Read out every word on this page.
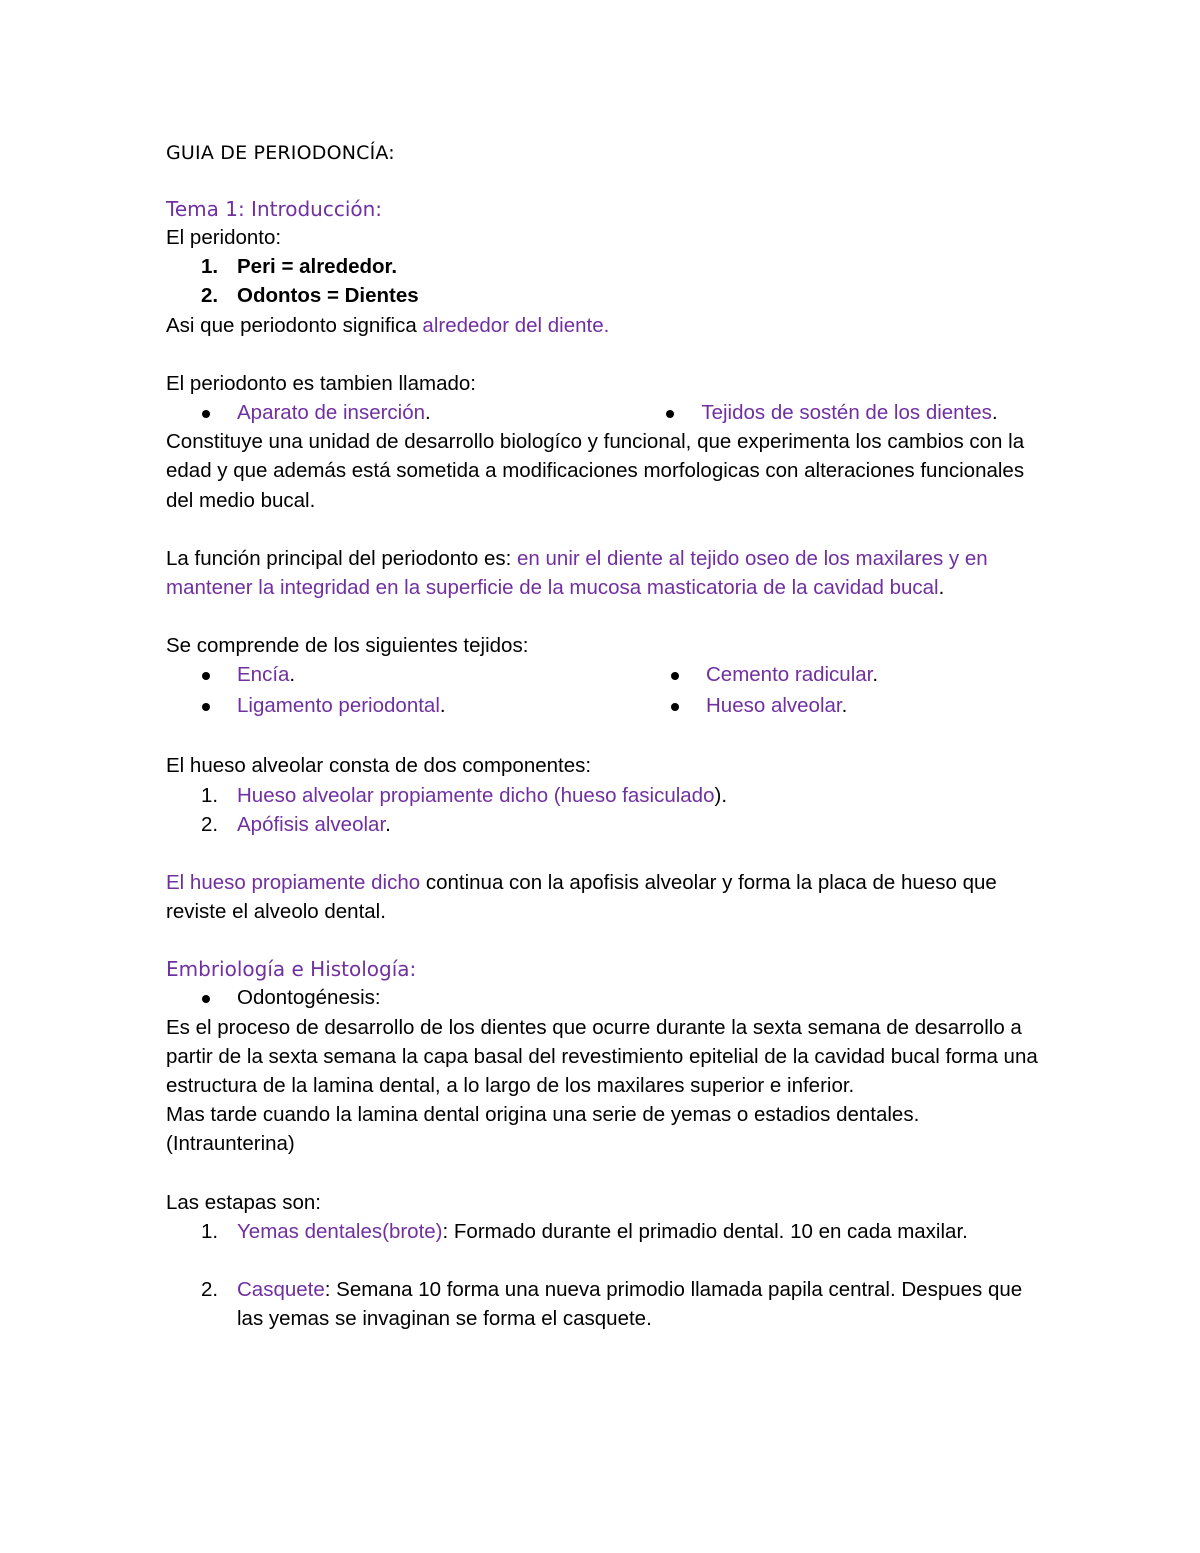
GUIA DE PERIODONCÍA:
Tema 1: Introducción:
El peridonto:
1. Peri = alrededor.
2. Odontos = Dientes
Asi que periodonto significa alrededor del diente.
El periodonto es tambien llamado:
Aparato de inserción.	Tejidos de sostén de los dientes.
Constituye una unidad de desarrollo biologíco y funcional, que experimenta los cambios con la edad y que además está sometida a modificaciones morfologicas con alteraciones funcionales del medio bucal.
La función principal del periodonto es: en unir el diente al tejido oseo de los maxilares y en mantener la integridad en la superficie de la mucosa masticatoria de la cavidad bucal.
Se comprende de los siguientes tejidos:
Encía.	Cemento radicular.
Ligamento periodontal.	Hueso alveolar.
El hueso alveolar consta de dos componentes:
1. Hueso alveolar propiamente dicho (hueso fasiculado).
2. Apófisis alveolar.
El hueso propiamente dicho continua con la apofisis alveolar y forma la placa de hueso que reviste el alveolo dental.
Embriología e Histología:
Odontogénesis:
Es el proceso de desarrollo de los dientes que ocurre durante la sexta semana de desarrollo a partir de la sexta semana la capa basal del revestimiento epitelial de la cavidad bucal forma una estructura de la lamina dental, a lo largo de los maxilares superior e inferior.
Mas tarde cuando la lamina dental origina una serie de yemas o estadios dentales. (Intraunterina)
Las estapas son:
1. Yemas dentales(brote): Formado durante el primadio dental. 10 en cada maxilar.
2. Casquete: Semana 10 forma una nueva primodio llamada papila central. Despues que las yemas se invaginan se forma el casquete.
